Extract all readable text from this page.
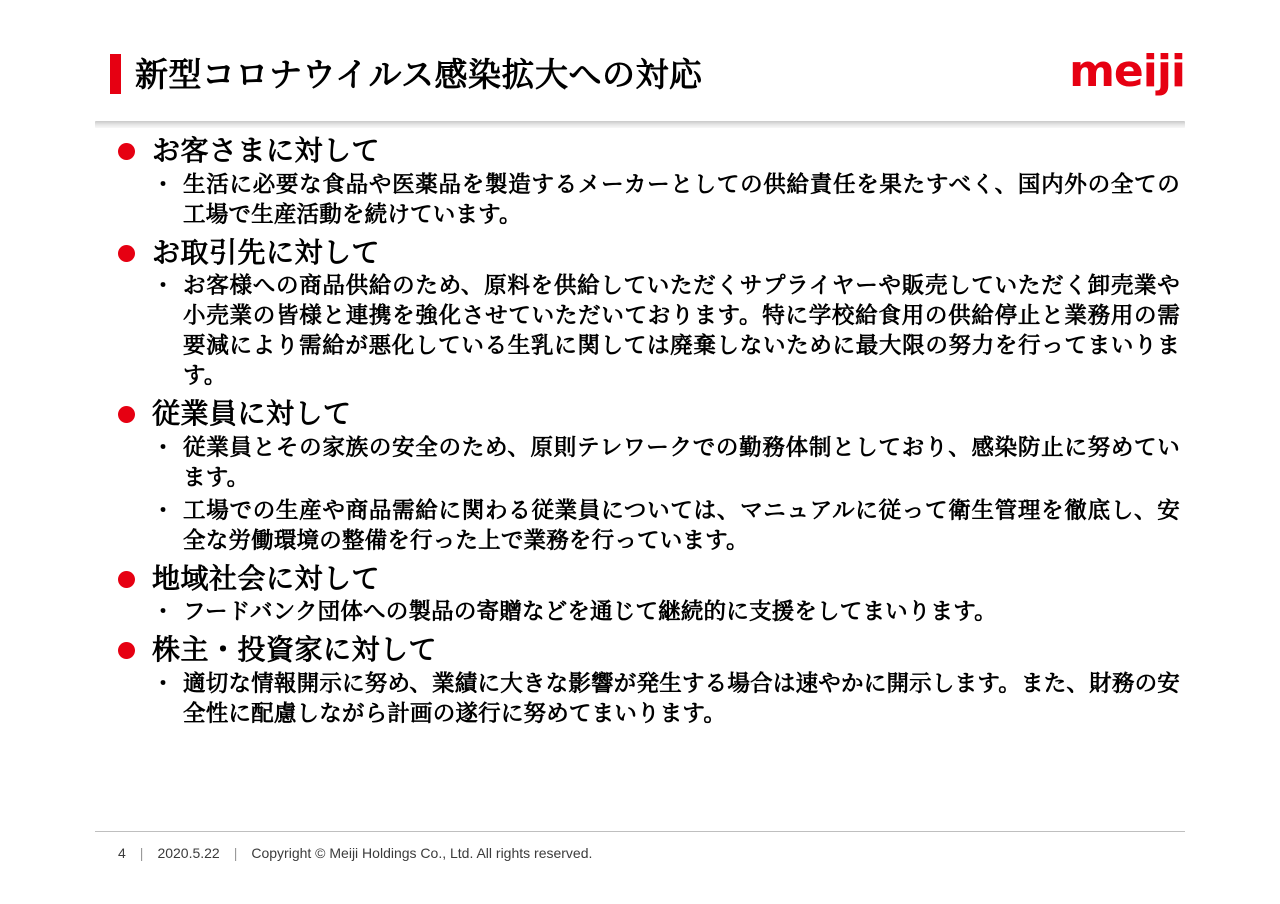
新型コロナウイルス感染拡大への対応	meiji
お客さまに対して
・ 生活に必要な食品や医薬品を製造するメーカーとしての供給責任を果たすべく、国内外の全ての工場で生産活動を続けています。
お取引先に対して
・ お客様への商品供給のため、原料を供給していただくサプライヤーや販売していただく卸売業や小売業の皆様と連携を強化させていただいております。特に学校給食用の供給停止と業務用の需要減により需給が悪化している生乳に関しては廃棄しないために最大限の努力を行ってまいります。
従業員に対して
・ 従業員とその家族の安全のため、原則テレワークでの勤務体制としており、感染防止に努めています。
・ 工場での生産や商品需給に関わる従業員については、マニュアルに従って衛生管理を徹底し、安全な労働環境の整備を行った上で業務を行っています。
地域社会に対して
・ フードバンク団体への製品の寄贈などを通じて継続的に支援をしてまいります。
株主・投資家に対して
・ 適切な情報開示に努め、業績に大きな影響が発生する場合は速やかに開示します。また、財務の安全性に配慮しながら計画の遂行に努めてまいります。
4 | 2020.5.22 | Copyright © Meiji Holdings Co., Ltd. All rights reserved.
